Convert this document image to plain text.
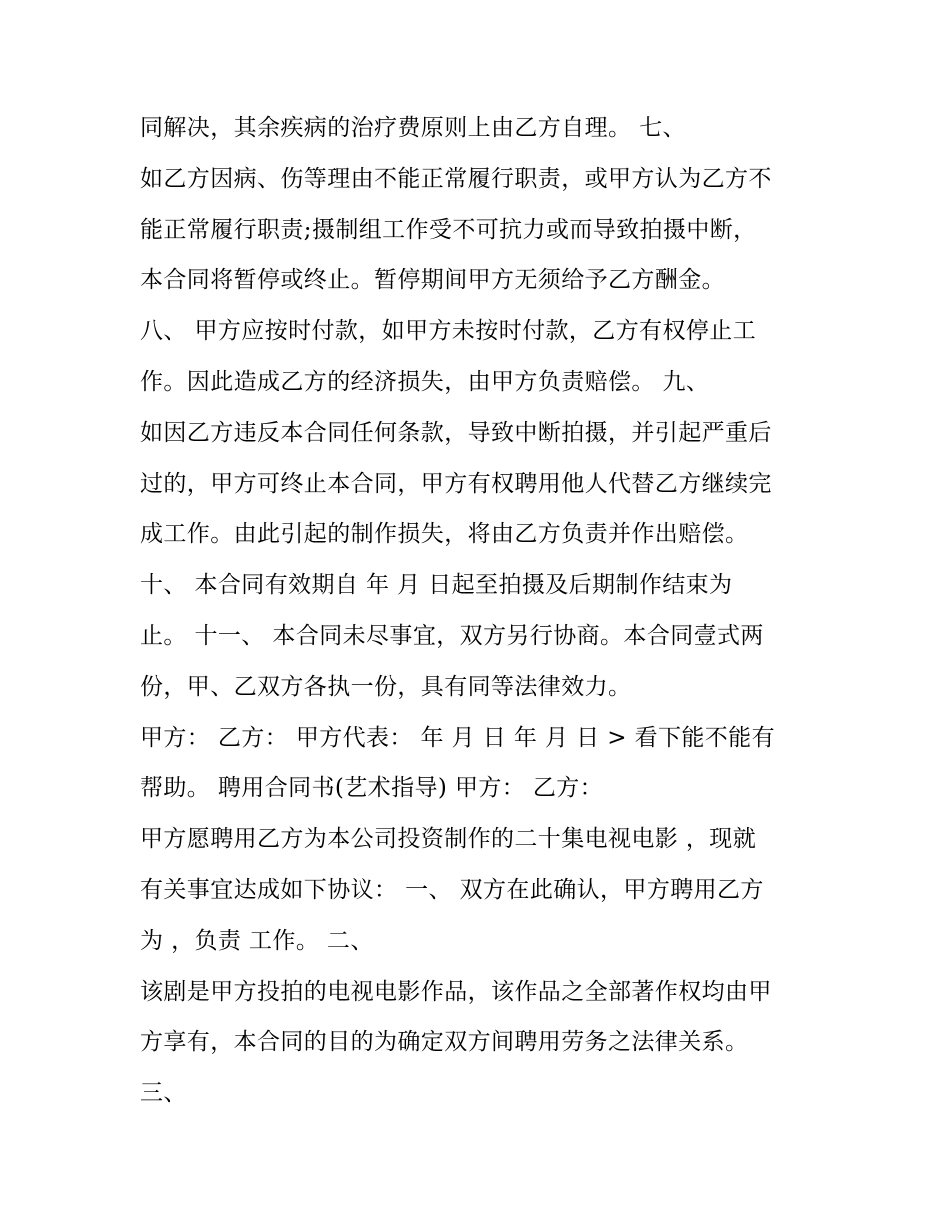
同解决，其余疾病的治疗费原则上由乙方自理。 七、
如乙方因病、伤等理由不能正常履行职责，或甲方认为乙方不
能正常履行职责;摄制组工作受不可抗力或而导致拍摄中断，
本合同将暂停或终止。暂停期间甲方无须给予乙方酬金。
八、 甲方应按时付款，如甲方未按时付款，乙方有权停止工
作。因此造成乙方的经济损失，由甲方负责赔偿。 九、
如因乙方违反本合同任何条款，导致中断拍摄，并引起严重后
过的，甲方可终止本合同，甲方有权聘用他人代替乙方继续完
成工作。由此引起的制作损失，将由乙方负责并作出赔偿。
十、 本合同有效期自 年 月 日起至拍摄及后期制作结束为
止。 十一、 本合同未尽事宜，双方另行协商。本合同壹式两
份，甲、乙双方各执一份，具有同等法律效力。
甲方： 乙方： 甲方代表： 年 月 日 年 月 日 > 看下能不能有
帮助。 聘用合同书(艺术指导) 甲方： 乙方：
甲方愿聘用乙方为本公司投资制作的二十集电视电影 ，现就
有关事宜达成如下协议： 一、 双方在此确认，甲方聘用乙方
为 ，负责 工作。 二、
该剧是甲方投拍的电视电影作品，该作品之全部著作权均由甲
方享有，本合同的目的为确定双方间聘用劳务之法律关系。
三、
